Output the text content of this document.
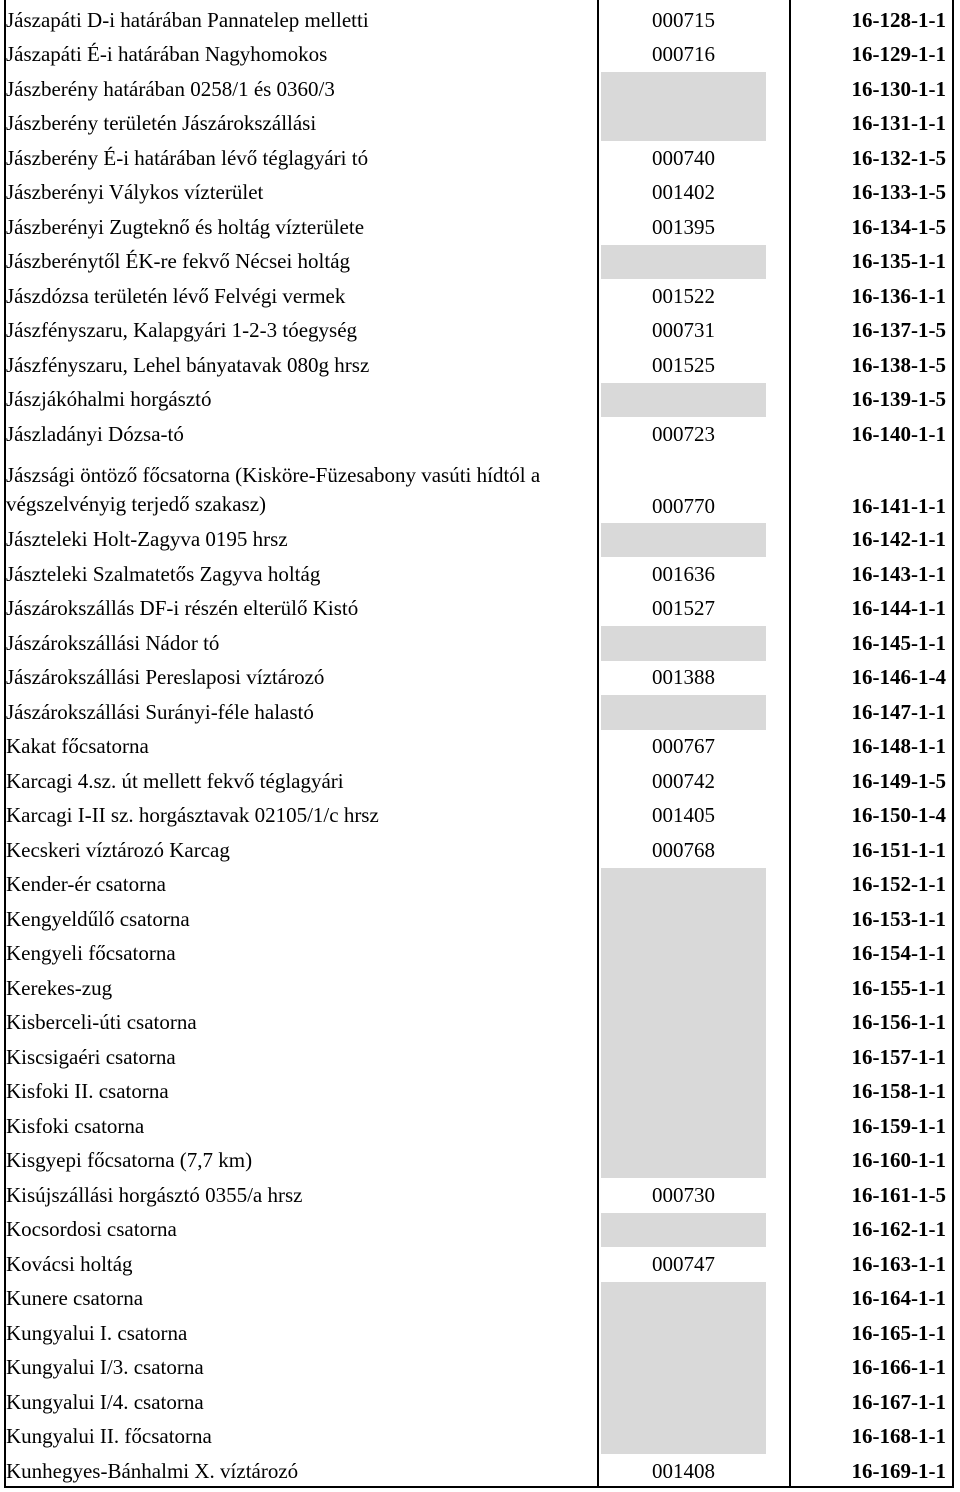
Jászapáti D-i határában Pannatelep melletti	000715	16-128-1-1
Jászapáti É-i határában Nagyhomokos	000716	16-129-1-1
Jászberény határában 0258/1 és 0360/3		16-130-1-1
Jászberény területén Jászárokszállási		16-131-1-1
Jászberény É-i határában lévő téglagyári tó	000740	16-132-1-5
Jászberényi Válykos vízterület	001402	16-133-1-5
Jászberényi Zugteknő és holtág vízterülete	001395	16-134-1-5
Jászberénytől ÉK-re fekvő Nécsei holtág		16-135-1-1
Jászdózsa területén lévő Felvégi vermek	001522	16-136-1-1
Jászfényszaru, Kalapgyári 1-2-3 tóegység	000731	16-137-1-5
Jászfényszaru, Lehel bányatavak 080g hrsz	001525	16-138-1-5
Jászjákóhalmi horgásztó		16-139-1-5
Jászladányi Dózsa-tó	000723	16-140-1-1
Jászsági öntöző főcsatorna (Kisköre-Füzesabony vasúti hídtól a végszelvényig terjedő szakasz)	000770	16-141-1-1
Jászteleki Holt-Zagyva 0195 hrsz		16-142-1-1
Jászteleki Szalmatetős Zagyva holtág	001636	16-143-1-1
Jászárokszállás DF-i részén elterülő Kistó	001527	16-144-1-1
Jászárokszállási Nádor tó		16-145-1-1
Jászárokszállási Pereslaposi víztározó	001388	16-146-1-4
Jászárokszállási Surányi-féle halastó		16-147-1-1
Kakat főcsatorna	000767	16-148-1-1
Karcagi 4.sz. út mellett fekvő téglagyári	000742	16-149-1-5
Karcagi I-II sz. horgásztavak 02105/1/c hrsz	001405	16-150-1-4
Kecskeri víztározó Karcag	000768	16-151-1-1
Kender-ér csatorna		16-152-1-1
Kengyeldűlő csatorna		16-153-1-1
Kengyeli főcsatorna		16-154-1-1
Kerekes-zug		16-155-1-1
Kisberceli-úti csatorna		16-156-1-1
Kiscsigaéri csatorna		16-157-1-1
Kisfoki II. csatorna		16-158-1-1
Kisfoki csatorna		16-159-1-1
Kisgyepi főcsatorna (7,7 km)		16-160-1-1
Kisújszállási horgásztó 0355/a hrsz	000730	16-161-1-5
Kocsordosi csatorna		16-162-1-1
Kovácsi holtág	000747	16-163-1-1
Kunere csatorna		16-164-1-1
Kungyalui I. csatorna		16-165-1-1
Kungyalui I/3. csatorna		16-166-1-1
Kungyalui I/4. csatorna		16-167-1-1
Kungyalui II. főcsatorna		16-168-1-1
Kunhegyes-Bánhalmi X. víztározó	001408	16-169-1-1
